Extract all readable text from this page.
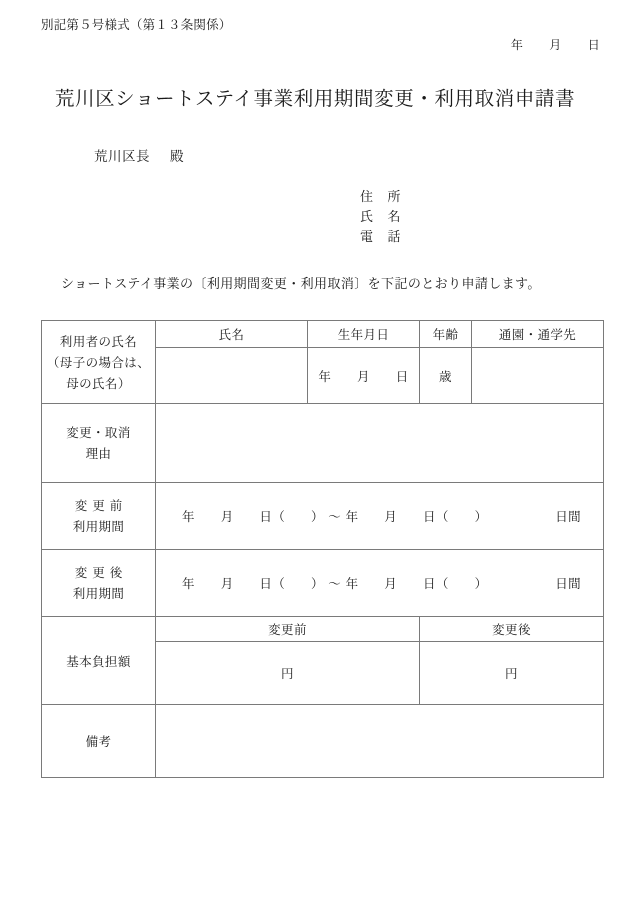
別記第５号様式（第１３条関係）
年 月 日
荒川区ショートステイ事業利用期間変更・利用取消申請書
荒川区長 殿
住 所
氏 名
電 話
ショートステイ事業の〔利用期間変更・利用取消〕を下記のとおり申請します。
利用者の氏名
（母子の場合は、
母の氏名）	氏名	生年月日	年齢	通園・通学先
		年　　月　　日	歳	

変更・取消
理由				

変更前
利用期間	年　　月　　日（　　） ～ 年　　月　　日（　　） 日間			

変更後
利用期間	年　　月　　日（　　） ～ 年　　月　　日（　　） 日間			

基本負担額	変更前		変更後	
	円		円	
備考				
